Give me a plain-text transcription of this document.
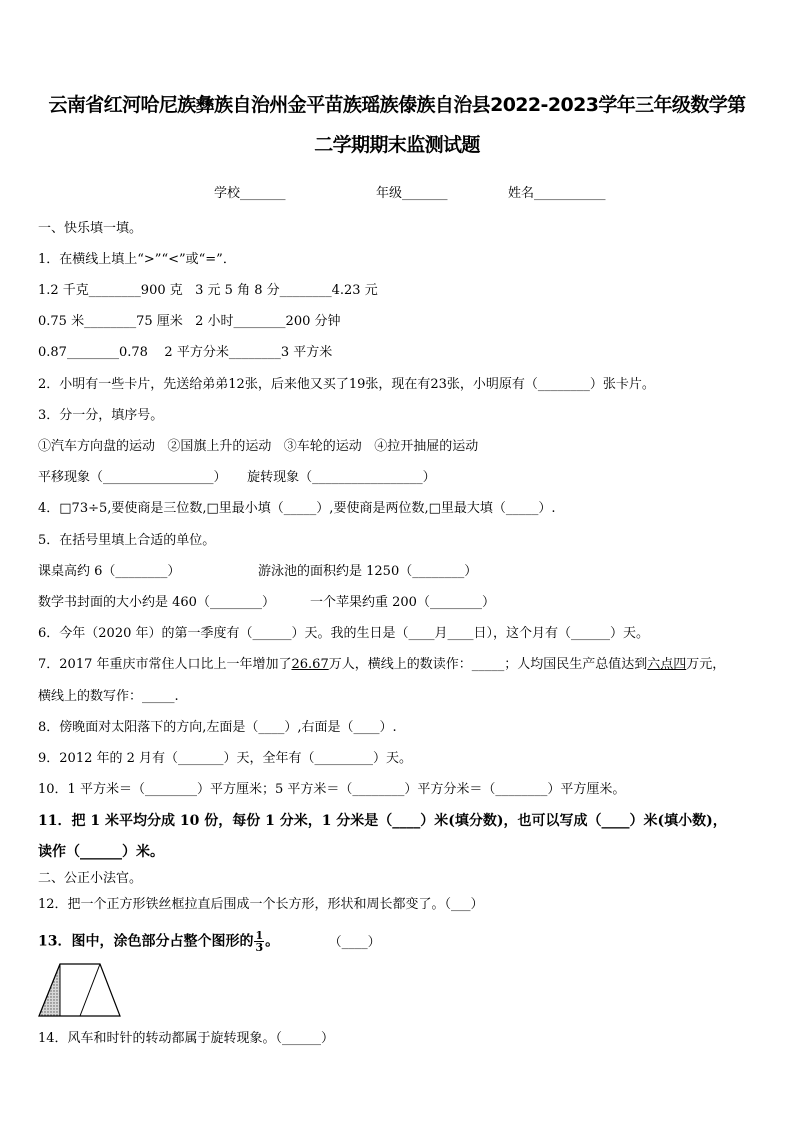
云南省红河哈尼族彝族自治州金平苗族瑶族傣族自治县2022-2023学年三年级数学第
二学期期末监测试题
学校_______	年级_______	姓名___________
一、快乐填一填。
1．在横线上填上“>”“<”或“=”．
1.2 千克________900 克   3 元 5 角 8 分________4.23 元
0.75 米________75 厘米   2 小时________200 分钟
0.87________0.78    2 平方分米________3 平方米
2．小明有一些卡片，先送给弟弟12张，后来他又买了19张，现在有23张，小明原有（________）张卡片。
3．分一分，填序号。
①汽车方向盘的运动   ②国旗上升的运动   ③车轮的运动   ④拉开抽屉的运动
平移现象（_________________）     旋转现象（_________________）
4．□73÷5,要使商是三位数,□里最小填（_____）,要使商是两位数,□里最大填（_____）.
5．在括号里填上合适的单位。
课桌高约 6（________）	游泳池的面积约是 1250（________）
数学书封面的大小约是 460（________）	一个苹果约重 200（________）
6．今年（2020 年）的第一季度有（______）天。我的生日是（____月____日），这个月有（______）天。
7．2017 年重庆市常住人口比上一年增加了26.67万人，横线上的数读作：_____；人均国民生产总值达到六点四万元，
横线上的数写作：_____.
8．傍晚面对太阳落下的方向,左面是（____）,右面是（____）.
9．2012 年的 2 月有（_______）天，全年有（_________）天。
10．1 平方米＝（________）平方厘米；5 平方米＝（________）平方分米＝（________）平方厘米。
11．把 1 米平均分成 10 份，每份 1 分米，1 分米是（____）米(填分数)，也可以写成（____）米(填小数)，
读作（______）米。
二、公正小法官。
12．把一个正方形铁丝框拉直后围成一个长方形，形状和周长都变了。（___）
13．图中，涂色部分占整个图形的 $\frac{1}{3}$ 。	（____）
14．风车和时针的转动都属于旋转现象。（______）
